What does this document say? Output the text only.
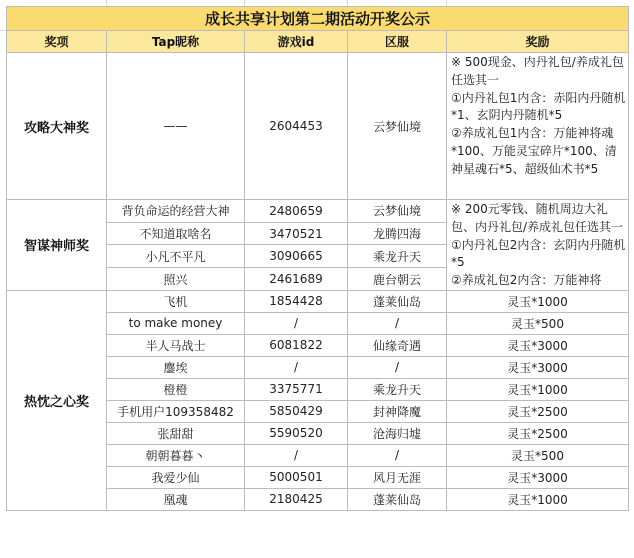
成长共享计划第二期活动开奖公示				
奖项	Tap昵称	游戏id	区服	奖励
攻略大神奖	——	2604453	云梦仙境	※ 500现金、内丹礼包/养成礼包任选其一
①内丹礼包1内含：赤阳内丹随机*1、玄阴内丹随机*5
②养成礼包1内含：万能神将魂*100、万能灵宝碎片*100、清神星魂石*5、超级仙术书*5

智谋神师奖	背负命运的经营大神	2480659	云梦仙境	※ 200元零钱、随机周边大礼包、内丹礼包/养成礼包任选其一
①内丹礼包2内含：玄阴内丹随机*5
②养成礼包2内含：万能神将

	不知道取啥名	3470521	龙腾四海	
	小凡不平凡	3090665	乘龙升天	
	照兴	2461689	鹿台朝云	
热忱之心奖	飞机	1854428	蓬莱仙岛	灵玉*1000
	to make money	/	/	灵玉*500
	半人马战士	6081822	仙缘奇遇	灵玉*3000
	鏖埃	/	/	灵玉*3000
	橙橙	3375771	乘龙升天	灵玉*1000
	手机用户109358482	5850429	封神降魔	灵玉*2500
	张甜甜	5590520	沧海归墟	灵玉*2500
	朝朝暮暮丶	/	/	灵玉*500
	我爱少仙	5000501	风月无涯	灵玉*3000
	凰魂	2180425	蓬莱仙岛	灵玉*1000
